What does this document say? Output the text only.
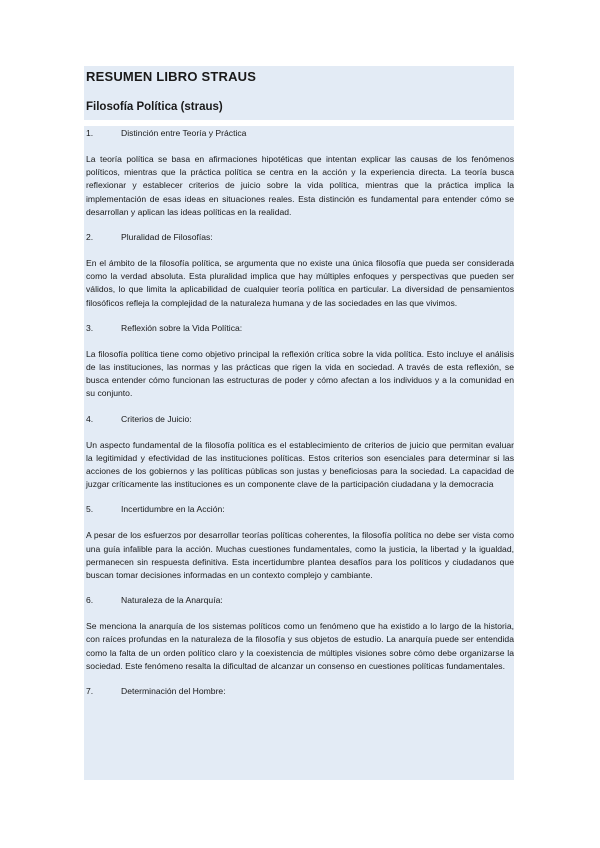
RESUMEN LIBRO STRAUS
Filosofía Política (straus)
1.	Distinción entre Teoría y Práctica

La teoría política se basa en afirmaciones hipotéticas que intentan explicar las causas de los fenómenos políticos, mientras que la práctica política se centra en la acción y la experiencia directa. La teoría busca reflexionar y establecer criterios de juicio sobre la vida política, mientras que la práctica implica la implementación de esas ideas en situaciones reales. Esta distinción es fundamental para entender cómo se desarrollan y aplican las ideas políticas en la realidad.

2.	Pluralidad de Filosofías:

En el ámbito de la filosofía política, se argumenta que no existe una única filosofía que pueda ser considerada como la verdad absoluta. Esta pluralidad implica que hay múltiples enfoques y perspectivas que pueden ser válidos, lo que limita la aplicabilidad de cualquier teoría política en particular. La diversidad de pensamientos filosóficos refleja la complejidad de la naturaleza humana y de las sociedades en las que vivimos.

3.	Reflexión sobre la Vida Política:

La filosofía política tiene como objetivo principal la reflexión crítica sobre la vida política. Esto incluye el análisis de las instituciones, las normas y las prácticas que rigen la vida en sociedad. A través de esta reflexión, se busca entender cómo funcionan las estructuras de poder y cómo afectan a los individuos y a la comunidad en su conjunto.

4.	Criterios de Juicio:

Un aspecto fundamental de la filosofía política es el establecimiento de criterios de juicio que permitan evaluar la legitimidad y efectividad de las instituciones políticas. Estos criterios son esenciales para determinar si las acciones de los gobiernos y las políticas públicas son justas y beneficiosas para la sociedad. La capacidad de juzgar críticamente las instituciones es un componente clave de la participación ciudadana y la democracia

5.	Incertidumbre en la Acción:

A pesar de los esfuerzos por desarrollar teorías políticas coherentes, la filosofía política no debe ser vista como una guía infalible para la acción. Muchas cuestiones fundamentales, como la justicia, la libertad y la igualdad, permanecen sin respuesta definitiva. Esta incertidumbre plantea desafíos para los políticos y ciudadanos que buscan tomar decisiones informadas en un contexto complejo y cambiante.

6.	Naturaleza de la Anarquía:

Se menciona la anarquía de los sistemas políticos como un fenómeno que ha existido a lo largo de la historia, con raíces profundas en la naturaleza de la filosofía y sus objetos de estudio. La anarquía puede ser entendida como la falta de un orden político claro y la coexistencia de múltiples visiones sobre cómo debe organizarse la sociedad. Este fenómeno resalta la dificultad de alcanzar un consenso en cuestiones políticas fundamentales.

7.	Determinación del Hombre:
